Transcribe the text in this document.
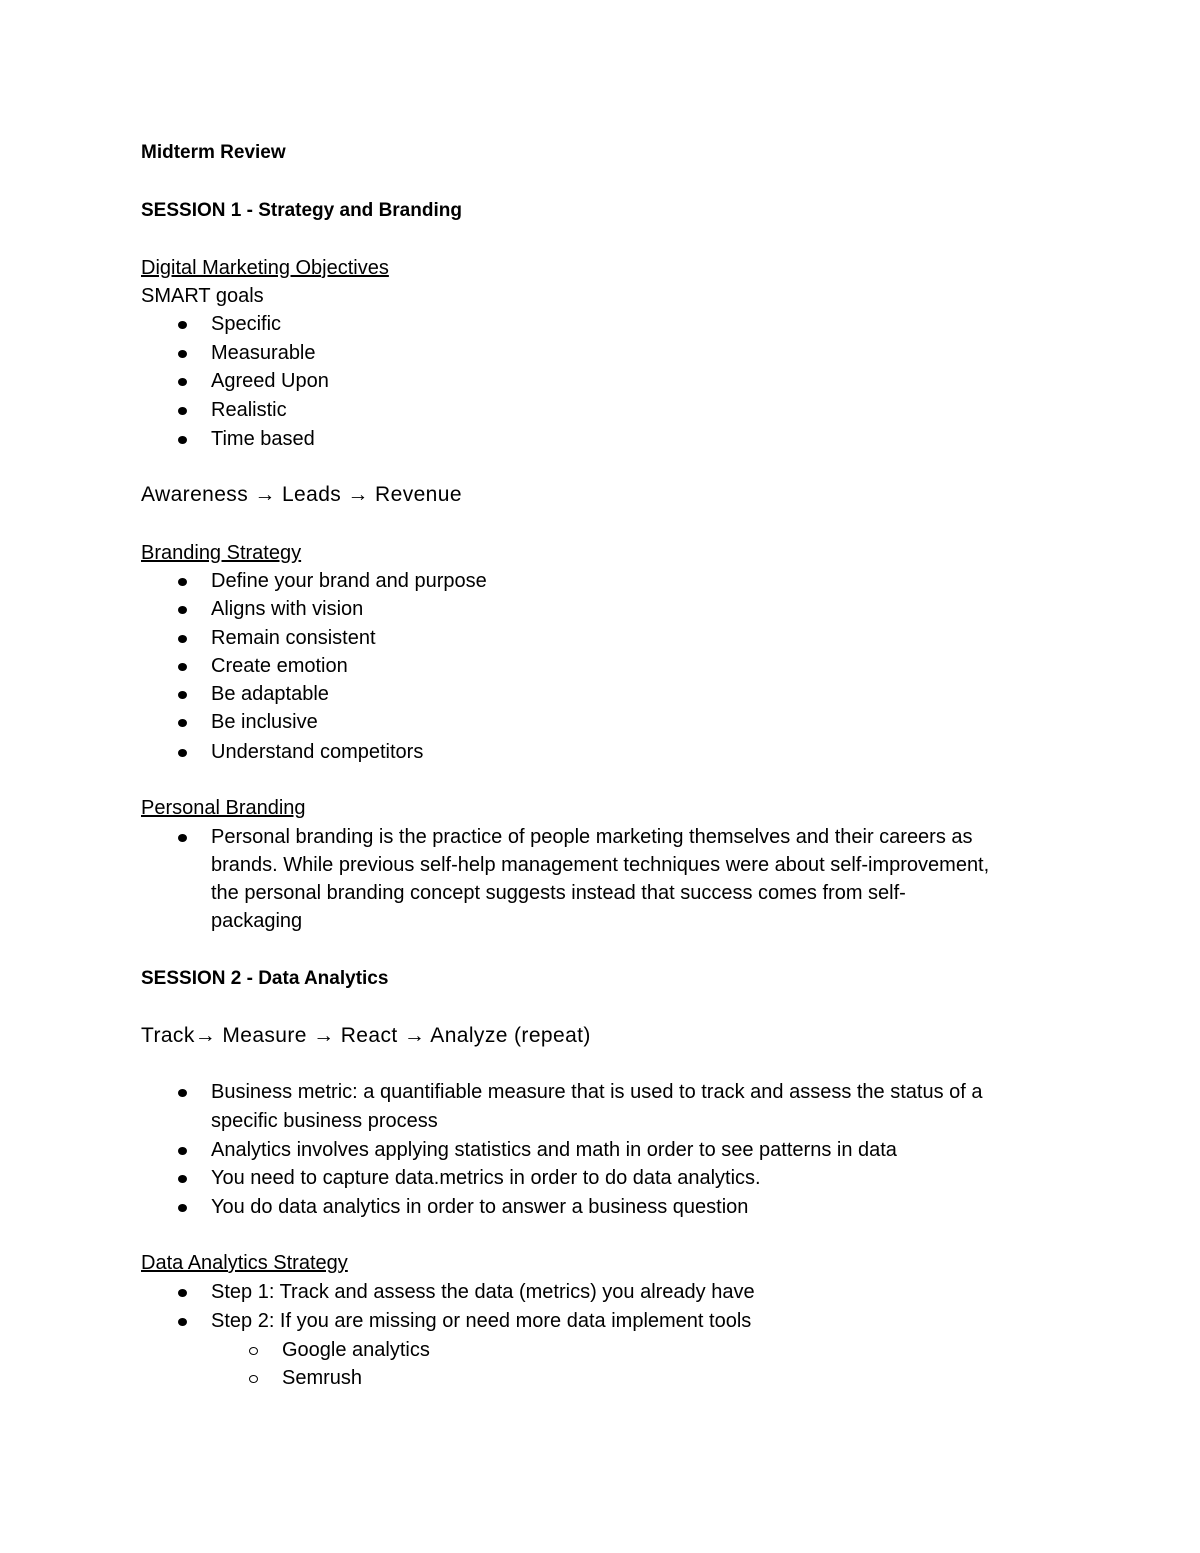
Midterm Review
SESSION 1 - Strategy and Branding
Digital Marketing Objectives
SMART goals
Specific
Measurable
Agreed Upon
Realistic
Time based
Awareness → Leads → Revenue
Branding Strategy
Define your brand and purpose
Aligns with vision
Remain consistent
Create emotion
Be adaptable
Be inclusive
Understand competitors
Personal Branding
Personal branding is the practice of people marketing themselves and their careers as
brands. While previous self-help management techniques were about self-improvement,
the personal branding concept suggests instead that success comes from self-
packaging
SESSION 2 - Data Analytics
Track→ Measure → React → Analyze (repeat)
Business metric: a quantifiable measure that is used to track and assess the status of a
specific business process
Analytics involves applying statistics and math in order to see patterns in data
You need to capture data.metrics in order to do data analytics.
You do data analytics in order to answer a business question
Data Analytics Strategy
Step 1: Track and assess the data (metrics) you already have
Step 2: If you are missing or need more data implement tools
Google analytics
Semrush
